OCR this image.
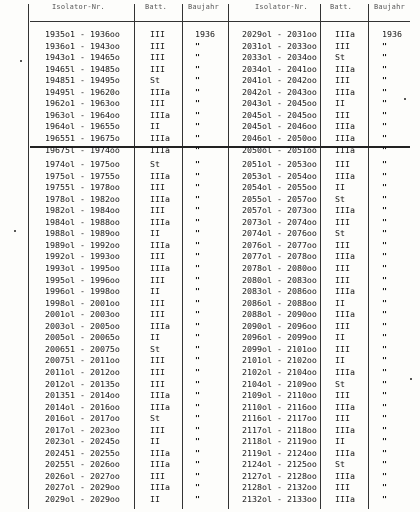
Isolator-Nr.	Batt.	Baujahr	Isolator-Nr.	Batt.	Baujahr
1935o1 - 1936oo	III	1936	2029ol - 2031oo IIIa	1936
1936o1 - 1943oo	III	"	2031ol - 2033oo III	"
1943o1 - 19465o	III	"	2033ol - 2034oo St	"
19465l - 19485o	III	"	2034ol - 2041oo IIIa	"
194851 - 19495o	St	"	2041ol - 2042oo III	"
19495l - 19620o	IIIa	"	2042ol - 2043oo IIIa	"
1962o1 - 1963oo	III	"	2043ol - 2045oo II	"
1963ol - 1964oo	IIIa	"	2045ol - 2045oo III	"
1964ol - 19655o	II	"	2045ol - 2046oo IIIa	"
196551 - 19675o	IIIa	"	2046ol - 2050oo IIIa	"
19675l - 1974oo	IIIa	"	2050ol - 2051oo IIIa	"
1974ol - 1975oo	St	"	2051ol - 2053oo III	"
1975ol - 19755o	IIIa	"	2053ol - 2054oo IIIa	"
19755l - 1978oo	III	"	2054ol - 2055oo II	"
1978ol - 1982oo	IIIa	"	2055ol - 2057oo St	"
1982ol - 1984oo	III	"	2057ol - 2073oo IIIa	"
1984ol - 1988oo	IIIa	"	2073ol - 2074oo III	"
1988ol - 1989oo	II	"	2074ol - 2076oo St	"
1989ol - 1992oo	IIIa	"	2076ol - 2077oo III	"
1992ol - 1993oo	III	"	2077ol - 2078oo IIIa	"
1993ol - 1995oo	IIIa	"	2078ol - 2080oo III	"
1995ol - 1996oo	III	"	2080ol - 2083oo III	"
1996ol - 1998oo	II	"	2083ol - 2086oo IIIa	"
1998ol - 2001oo	III	"	2086ol - 2088oo II	"
2001ol - 2003oo	III	"	2088ol - 2090oo IIIa	"
2003ol - 2005oo	IIIa	"	2090ol - 2096oo III	"
2005ol - 20065o	II	"	2096ol - 2099oo II	"
200651 - 20075o	St	"	2099ol - 2101oo III	"
20075l - 2011oo	III	"	2101ol - 2102oo II	"
2011ol - 2012oo	III	"	2102ol - 2104oo IIIa	"
2012ol - 20135o	III	"	2104ol - 2109oo St	"
201351 - 2014oo	IIIa	"	2109ol - 2110oo III	"
2014ol - 2016oo	IIIa	"	2110ol - 2116oo IIIa	"
2016ol - 2017oo	St	"	2116ol - 2117oo III	"
2017ol - 2023oo	III	"	2117ol - 2118oo IIIa	"
2023ol - 20245o	II	"	2118ol - 2119oo II	"
202451 - 20255o	IIIa	"	2119ol - 2124oo IIIa	"
20255l - 2026oo	IIIa	"	2124ol - 2125oo St	"
2026ol - 2027oo	III	"	2127ol - 2128oo IIIa	"
2027ol - 2029oo	IIIa	"	2128ol - 2132oo III	"
2029ol - 2029oo	II	"	2132ol - 2133oo IIIa	"
